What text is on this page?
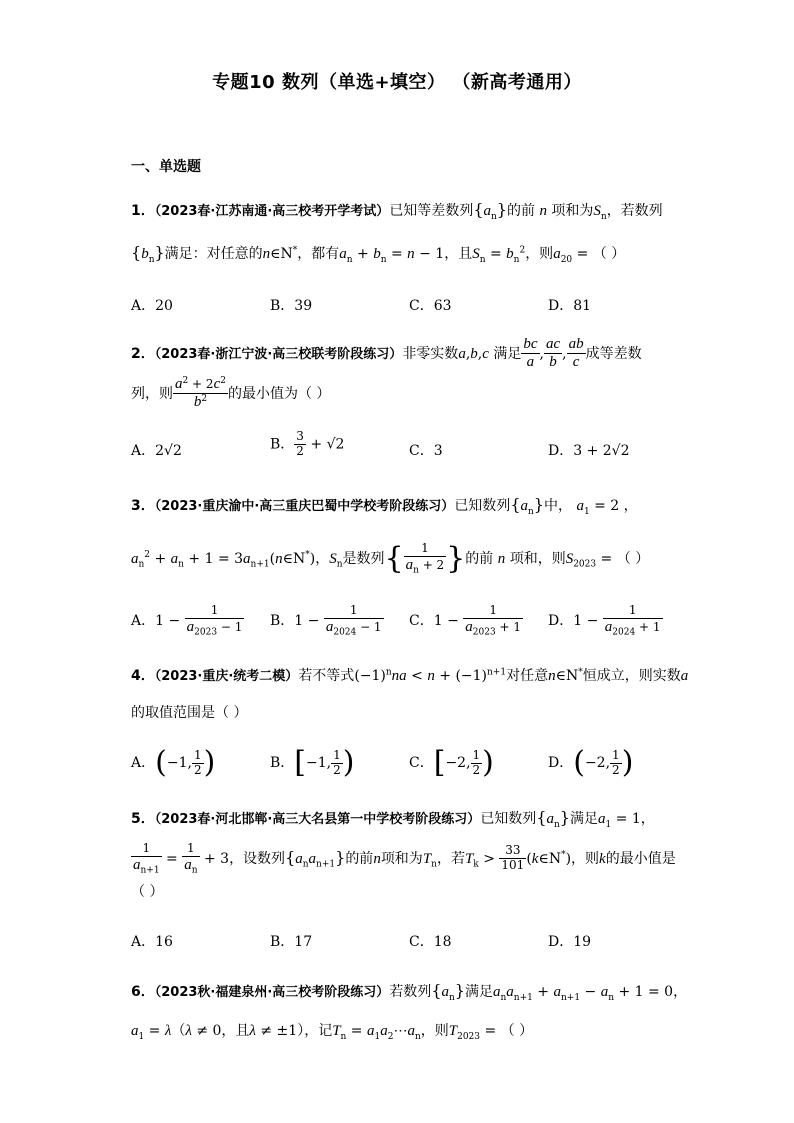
专题10 数列（单选+填空） （新高考通用）
一、单选题
1．（2023春·江苏南通·高三校考开学考试）已知等差数列$\{a_n\}$的前 n 项和为$S_n$，若数列
$\{b_n\}$满足：对任意的n∈N*，都有$a_n + b_n = n - 1$，且$S_n = b_n^2$，则$a_{20}$ = （ ）
A．20	B．39	C．63	D．81
2．（2023春·浙江宁波·高三校联考阶段练习）非零实数a,b,c 满足 $\frac{bc}{a}$ , $\frac{ac}{b}$ , $\frac{ab}{c}$ 成等差数
列，则 $\frac{a^2 + 2c^2}{b^2}$ 的最小值为（ ）
A．2√2	B． $\frac{3}{2} + √2$	C．3	D．3 + 2√2
3．（2023·重庆渝中·高三重庆巴蜀中学校考阶段练习）已知数列$\{a_n\}$中， $a_1 = 2$ ，
$a_n^2 + a_n + 1$ = $3a_{n+1}(n\in N^*)$，$S_n$是数列{ $\frac{1}{a_n + 2}$ }的前 n 项和，则$S_{2023}$ = （ ）
A．$1 - \frac{1}{a_{2023} - 1}$ B．$1 - \frac{1}{a_{2024} - 1}$ C．$1 - \frac{1}{a_{2023} + 1}$ D．$1 - \frac{1}{a_{2024} + 1}$
4．（2023·重庆·统考二模）若不等式$(-1)^nna < n + (-1)^{n+1}$对任意n∈N*恒成立，则实数a
的取值范围是（ ）
A．(−1, $\frac{1}{2}$ )	B．[−1, $\frac{1}{2}$ )	C．[−2, $\frac{1}{2}$ )	D．(−2, $\frac{1}{2}$ )
5．（2023春·河北邯郸·高三大名县第一中学校考阶段练习）已知数列$\{a_n\}$满足$a_1 = 1$，
$\frac{1}{a_{n+1}} = \frac{1}{a_n} + 3$，设数列$\{a_na_{n+1}\}$的前n项和为$T_n$，若$T_k > \frac{33}{101}$ (k∈N*)，则k的最小值是
（ ）
A．16	B．17	C．18	D．19
6．（2023秋·福建泉州·高三校考阶段练习）若数列$\{a_n\}$满足$a_na_{n+1} + a_{n+1} - a_n + 1 = 0$，
$a_1 = \lambda(\lambda \ne 0$，且λ ≠ ±1），记$T_n$ = $a_1a_2\cdots a_n$，则$T_{2023}$ = （ ）
